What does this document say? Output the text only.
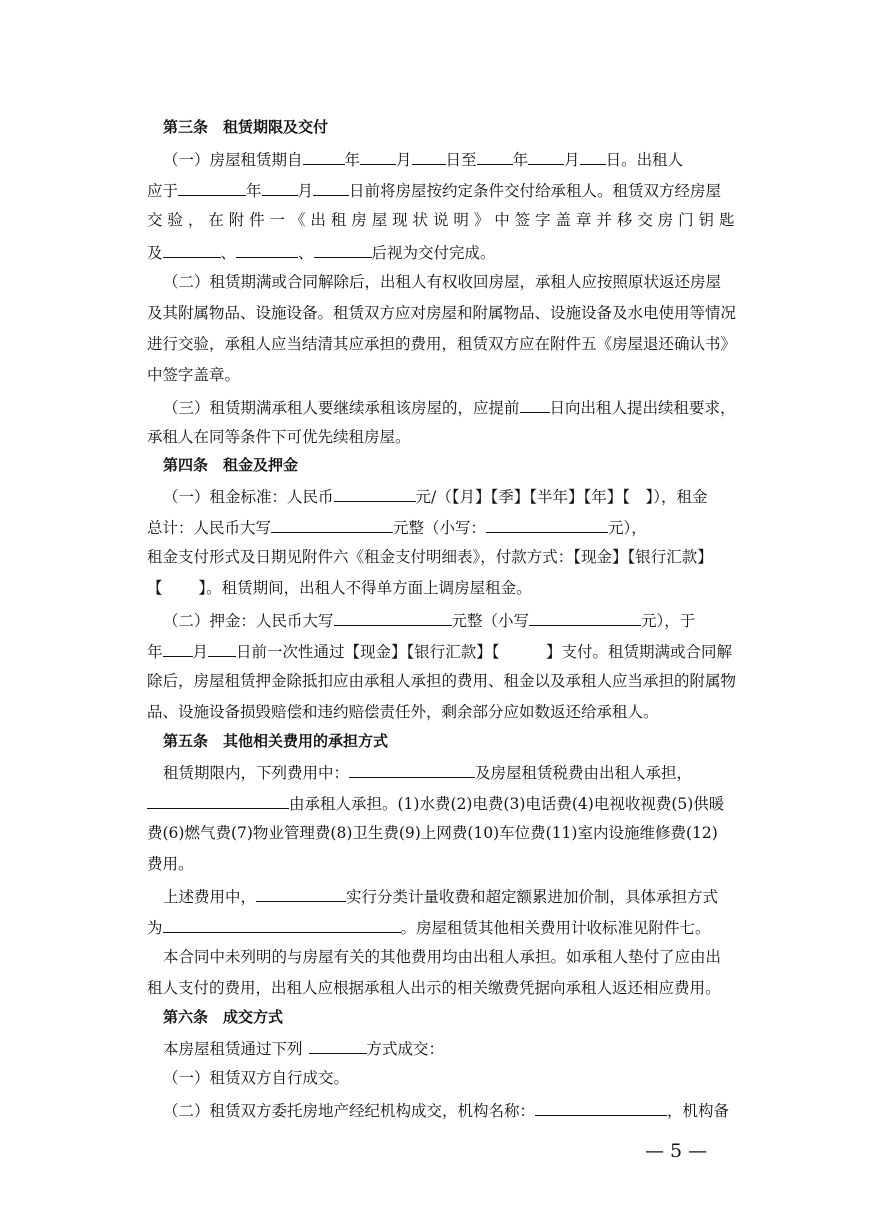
第三条　租赁期限及交付
（一）房屋租赁期自	年 月 日至 年 月 日。出租人
应于	年 月 日前将房屋按约定条件交付给承租人。租赁双方经房屋
交 验 ， 在 附 件 一 《 出 租 房 屋 现 状 说 明 》 中 签 字 盖 章 并 移 交 房 门 钥 匙
及	、	、	后视为交付完成。
（二）租赁期满或合同解除后，出租人有权收回房屋，承租人应按照原状返还房屋
及其附属物品、设施设备。租赁双方应对房屋和附属物品、设施设备及水电使用等情况
进行交验，承租人应当结清其应承担的费用，租赁双方应在附件五《房屋退还确认书》
中签字盖章。
（三）租赁期满承租人要继续承租该房屋的，应提前 日向出租人提出续租要求，
承租人在同等条件下可优先续租房屋。
第四条　租金及押金
（一）租金标准：人民币	元/（【月】【季】【半年】【年】【　】），租金
总计：人民币大写	元整（小写：	元），
租金支付形式及日期见附件六《租金支付明细表》，付款方式：【现金】【银行汇款】
【　　 】。租赁期间，出租人不得单方面上调房屋租金。
（二）押金：人民币大写	元整（小写	元），于
年 月 日前一次性通过【现金】【银行汇款】【　　　】支付。租赁期满或合同解
除后，房屋租赁押金除抵扣应由承租人承担的费用、租金以及承租人应当承担的附属物
品、设施设备损毁赔偿和违约赔偿责任外，剩余部分应如数返还给承租人。
第五条　其他相关费用的承担方式
租赁期限内，下列费用中：	及房屋租赁税费由出租人承担，
由承租人承担。(1)水费(2)电费(3)电话费(4)电视收视费(5)供暖
费(6)燃气费(7)物业管理费(8)卫生费(9)上网费(10)车位费(11)室内设施维修费(12)
费用。
上述费用中，	实行分类计量收费和超定额累进加价制，具体承担方式
为	。房屋租赁其他相关费用计收标准见附件七。
本合同中未列明的与房屋有关的其他费用均由出租人承担。如承租人垫付了应由出
租人支付的费用，出租人应根据承租人出示的相关缴费凭据向承租人返还相应费用。
第六条　成交方式
本房屋租赁通过下列	方式成交：
（一）租赁双方自行成交。
（二）租赁双方委托房地产经纪机构成交，机构名称：	，机构备
— 5 —
